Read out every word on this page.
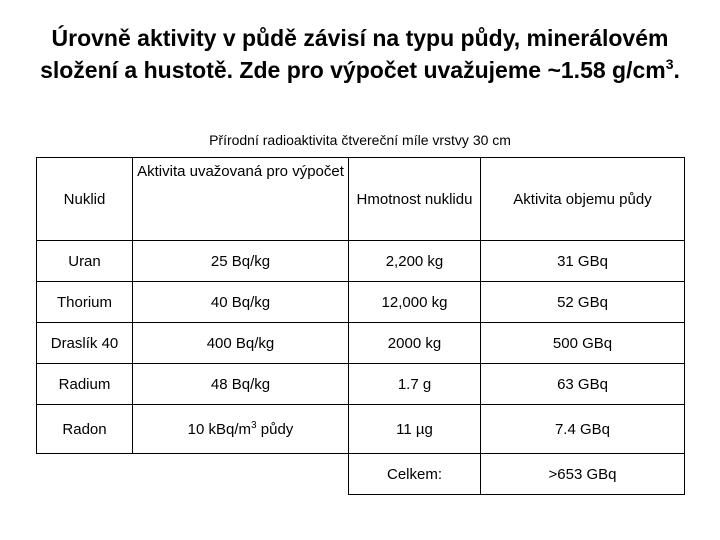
Úrovně aktivity v půdě závisí na typu půdy, minerálovém
složení a hustotě. Zde pro výpočet uvažujeme ~1.58 $g/cm^3$.
Přírodní radioaktivita čtvereční míle vrstvy 30 cm
Nuklid	Aktivita uvažovaná pro výpočet	Hmotnost nuklidu	Aktivita objemu půdy
Uran	25 Bq/kg	2,200 kg	31 GBq
Thorium	40 Bq/kg	12,000 kg	52 GBq
Draslík 40	400 Bq/kg	2000 kg	500 GBq
Radium	48 Bq/kg	1.7 g	63 GBq
Radon	10 kBq/$m^3$ půdy	11 µg	7.4 GBq
		Celkem:	>653 GBq
